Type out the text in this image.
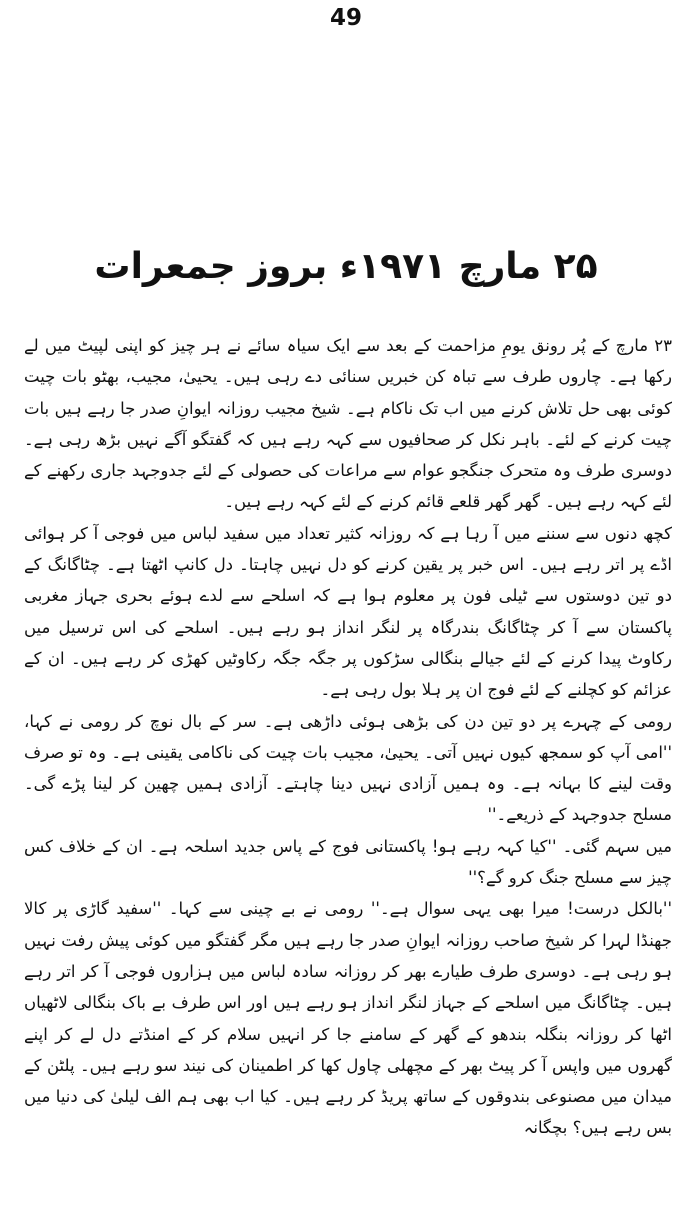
49
۲۵ مارچ ۱۹۷۱ء بروز جمعرات

۲۳ مارچ کے پُر رونق یومِ مزاحمت کے بعد سے ایک سیاہ سائے نے ہر چیز کو اپنی لپیٹ میں لے رکھا ہے۔ چاروں طرف سے تباہ کن خبریں سنائی دے رہی ہیں۔ یحییٰ، مجیب، بھٹو بات چیت کوئی بھی حل تلاش کرنے میں اب تک ناکام ہے۔ شیخ مجیب روزانہ ایوانِ صدر جا رہے ہیں بات چیت کرنے کے لئے۔ باہر نکل کر صحافیوں سے کہہ رہے ہیں کہ گفتگو آگے نہیں بڑھ رہی ہے۔ دوسری طرف وہ متحرک جنگجو عوام سے مراعات کی حصولی کے لئے جدوجہد جاری رکھنے کے لئے کہہ رہے ہیں۔ گھر گھر قلعے قائم کرنے کے لئے کہہ رہے ہیں۔

کچھ دنوں سے سننے میں آ رہا ہے کہ روزانہ کثیر تعداد میں سفید لباس میں فوجی آ کر ہوائی اڈے پر اتر رہے ہیں۔ اس خبر پر یقین کرنے کو دل نہیں چاہتا۔ دل کانپ اٹھتا ہے۔ چٹاگانگ کے دو تین دوستوں سے ٹیلی فون پر معلوم ہوا ہے کہ اسلحے سے لدے ہوئے بحری جہاز مغربی پاکستان سے آ کر چٹاگانگ بندرگاہ پر لنگر انداز ہو رہے ہیں۔ اسلحے کی اس ترسیل میں رکاوٹ پیدا کرنے کے لئے جیالے بنگالی سڑکوں پر جگہ جگہ رکاوٹیں کھڑی کر رہے ہیں۔ ان کے عزائم کو کچلنے کے لئے فوج ان پر ہلا بول رہی ہے۔

رومی کے چہرے پر دو تین دن کی بڑھی ہوئی داڑھی ہے۔ سر کے بال نوچ کر رومی نے کہا، ''امی آپ کو سمجھ کیوں نہیں آتی۔ یحییٰ، مجیب بات چیت کی ناکامی یقینی ہے۔ وہ تو صرف وقت لینے کا بہانہ ہے۔ وہ ہمیں آزادی نہیں دینا چاہتے۔ آزادی ہمیں چھین کر لینا پڑے گی۔ مسلح جدوجہد کے ذریعے۔''

میں سہم گئی۔ ''کیا کہہ رہے ہو! پاکستانی فوج کے پاس جدید اسلحہ ہے۔ ان کے خلاف کس چیز سے مسلح جنگ کرو گے؟''

''بالکل درست! میرا بھی یہی سوال ہے۔'' رومی نے بے چینی سے کہا۔ ''سفید گاڑی پر کالا جھنڈا لہرا کر شیخ صاحب روزانہ ایوانِ صدر جا رہے ہیں مگر گفتگو میں کوئی پیش رفت نہیں ہو رہی ہے۔ دوسری طرف طیارے بھر کر روزانہ سادہ لباس میں ہزاروں فوجی آ کر اتر رہے ہیں۔ چٹاگانگ میں اسلحے کے جہاز لنگر انداز ہو رہے ہیں اور اس طرف بے باک بنگالی لاٹھیاں اٹھا کر روزانہ بنگلہ بندھو کے گھر کے سامنے جا کر انہیں سلام کر کے امنڈتے دل لے کر اپنے گھروں میں واپس آ کر پیٹ بھر کے مچھلی چاول کھا کر اطمینان کی نیند سو رہے ہیں۔ پلٹن کے میدان میں مصنوعی بندوقوں کے ساتھ پریڈ کر رہے ہیں۔ کیا اب بھی ہم الف لیلیٰ کی دنیا میں بس رہے ہیں؟ بچگانہ
